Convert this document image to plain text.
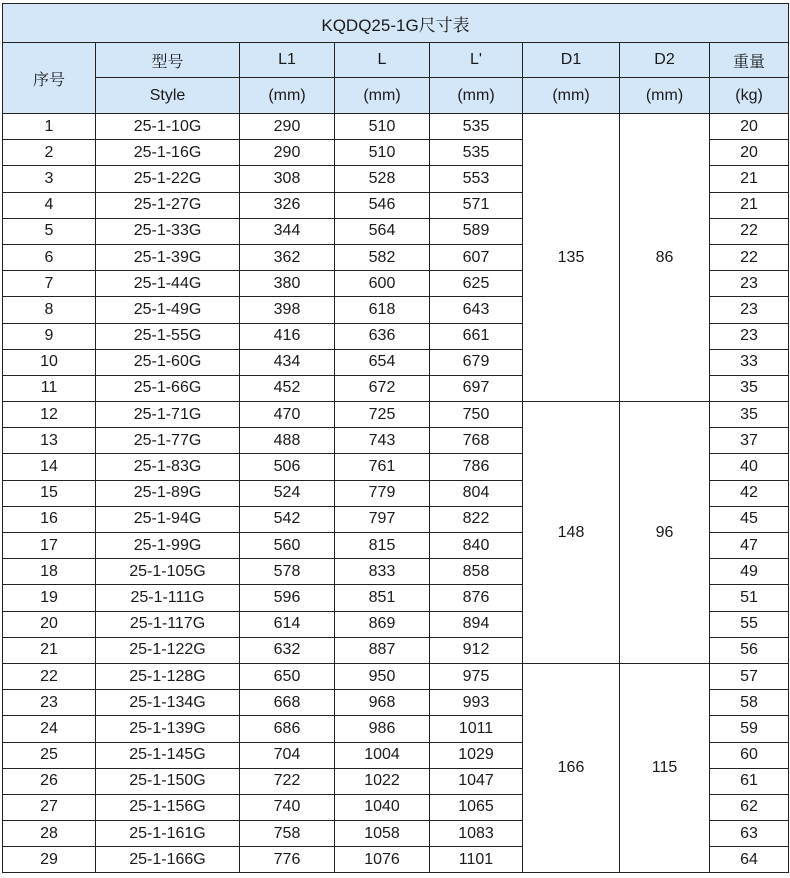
KQDQ25-1G尺寸表							
序号	型号	L1	L	L'	D1	D2	重量
	Style	(mm)	(mm)	(mm)	(mm)	(mm)	(kg)
1	25-1-10G	290	510	535	135	86	20
2	25-1-16G	290	510	535			20
3	25-1-22G	308	528	553			21
4	25-1-27G	326	546	571			21
5	25-1-33G	344	564	589			22
6	25-1-39G	362	582	607			22
7	25-1-44G	380	600	625			23
8	25-1-49G	398	618	643			23
9	25-1-55G	416	636	661			23
10	25-1-60G	434	654	679			33
11	25-1-66G	452	672	697			35
12	25-1-71G	470	725	750	148	96	35
13	25-1-77G	488	743	768			37
14	25-1-83G	506	761	786			40
15	25-1-89G	524	779	804			42
16	25-1-94G	542	797	822			45
17	25-1-99G	560	815	840			47
18	25-1-105G	578	833	858			49
19	25-1-111G	596	851	876			51
20	25-1-117G	614	869	894			55
21	25-1-122G	632	887	912			56
22	25-1-128G	650	950	975	166	115	57
23	25-1-134G	668	968	993			58
24	25-1-139G	686	986	1011			59
25	25-1-145G	704	1004	1029			60
26	25-1-150G	722	1022	1047			61
27	25-1-156G	740	1040	1065			62
28	25-1-161G	758	1058	1083			63
29	25-1-166G	776	1076	1101			64
